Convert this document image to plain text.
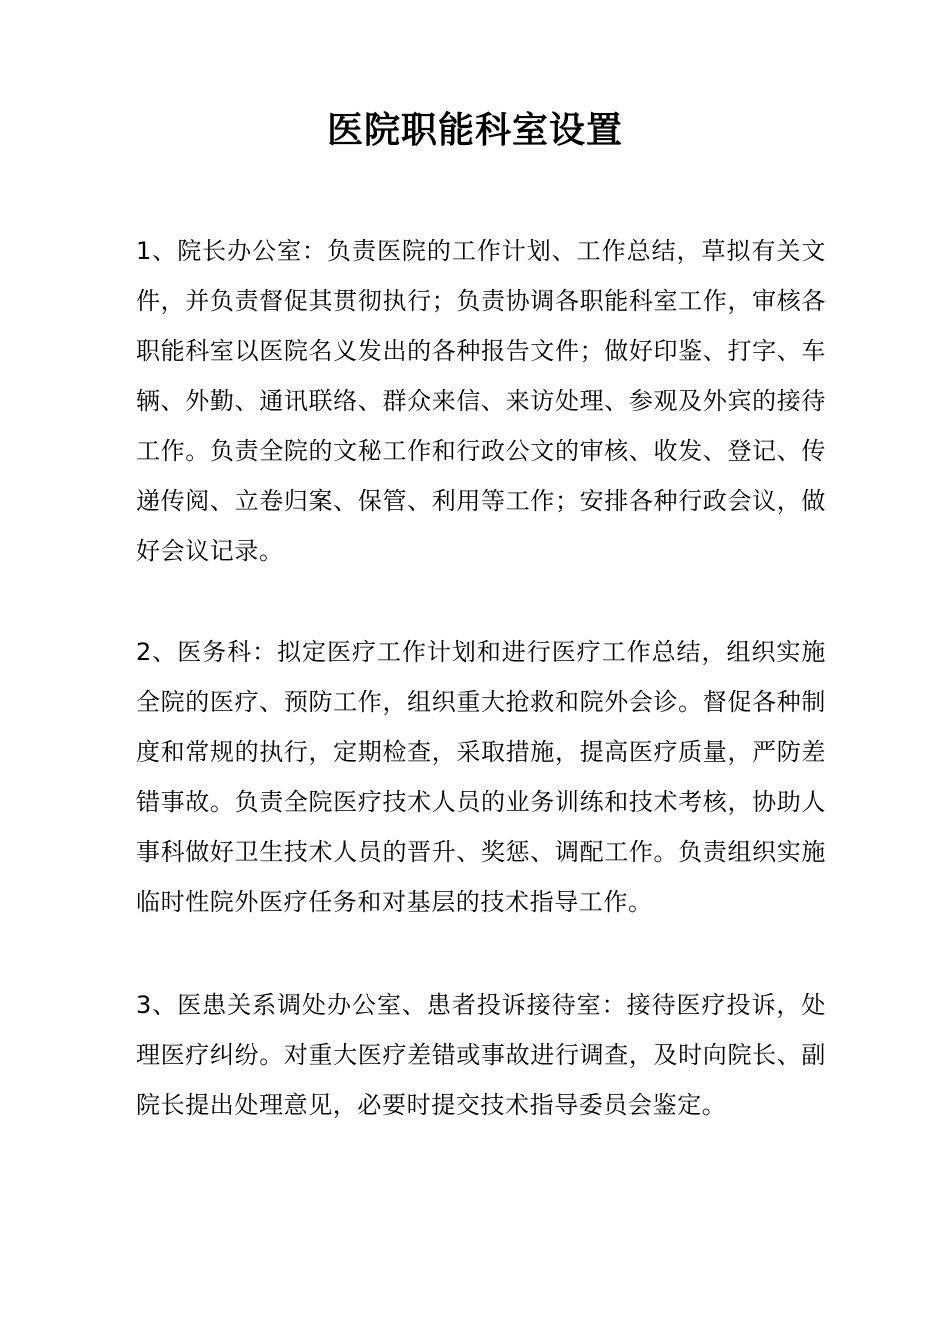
医院职能科室设置

1、院长办公室：负责医院的工作计划、工作总结，草拟有关文件，并负责督促其贯彻执行；负责协调各职能科室工作，审核各职能科室以医院名义发出的各种报告文件；做好印鉴、打字、车辆、外勤、通讯联络、群众来信、来访处理、参观及外宾的接待工作。负责全院的文秘工作和行政公文的审核、收发、登记、传递传阅、立卷归案、保管、利用等工作；安排各种行政会议，做好会议记录。

2、医务科：拟定医疗工作计划和进行医疗工作总结，组织实施全院的医疗、预防工作，组织重大抢救和院外会诊。督促各种制度和常规的执行，定期检查，采取措施，提高医疗质量，严防差错事故。负责全院医疗技术人员的业务训练和技术考核，协助人事科做好卫生技术人员的晋升、奖惩、调配工作。负责组织实施临时性院外医疗任务和对基层的技术指导工作。

3、医患关系调处办公室、患者投诉接待室：接待医疗投诉，处理医疗纠纷。对重大医疗差错或事故进行调查，及时向院长、副院长提出处理意见，必要时提交技术指导委员会鉴定。
